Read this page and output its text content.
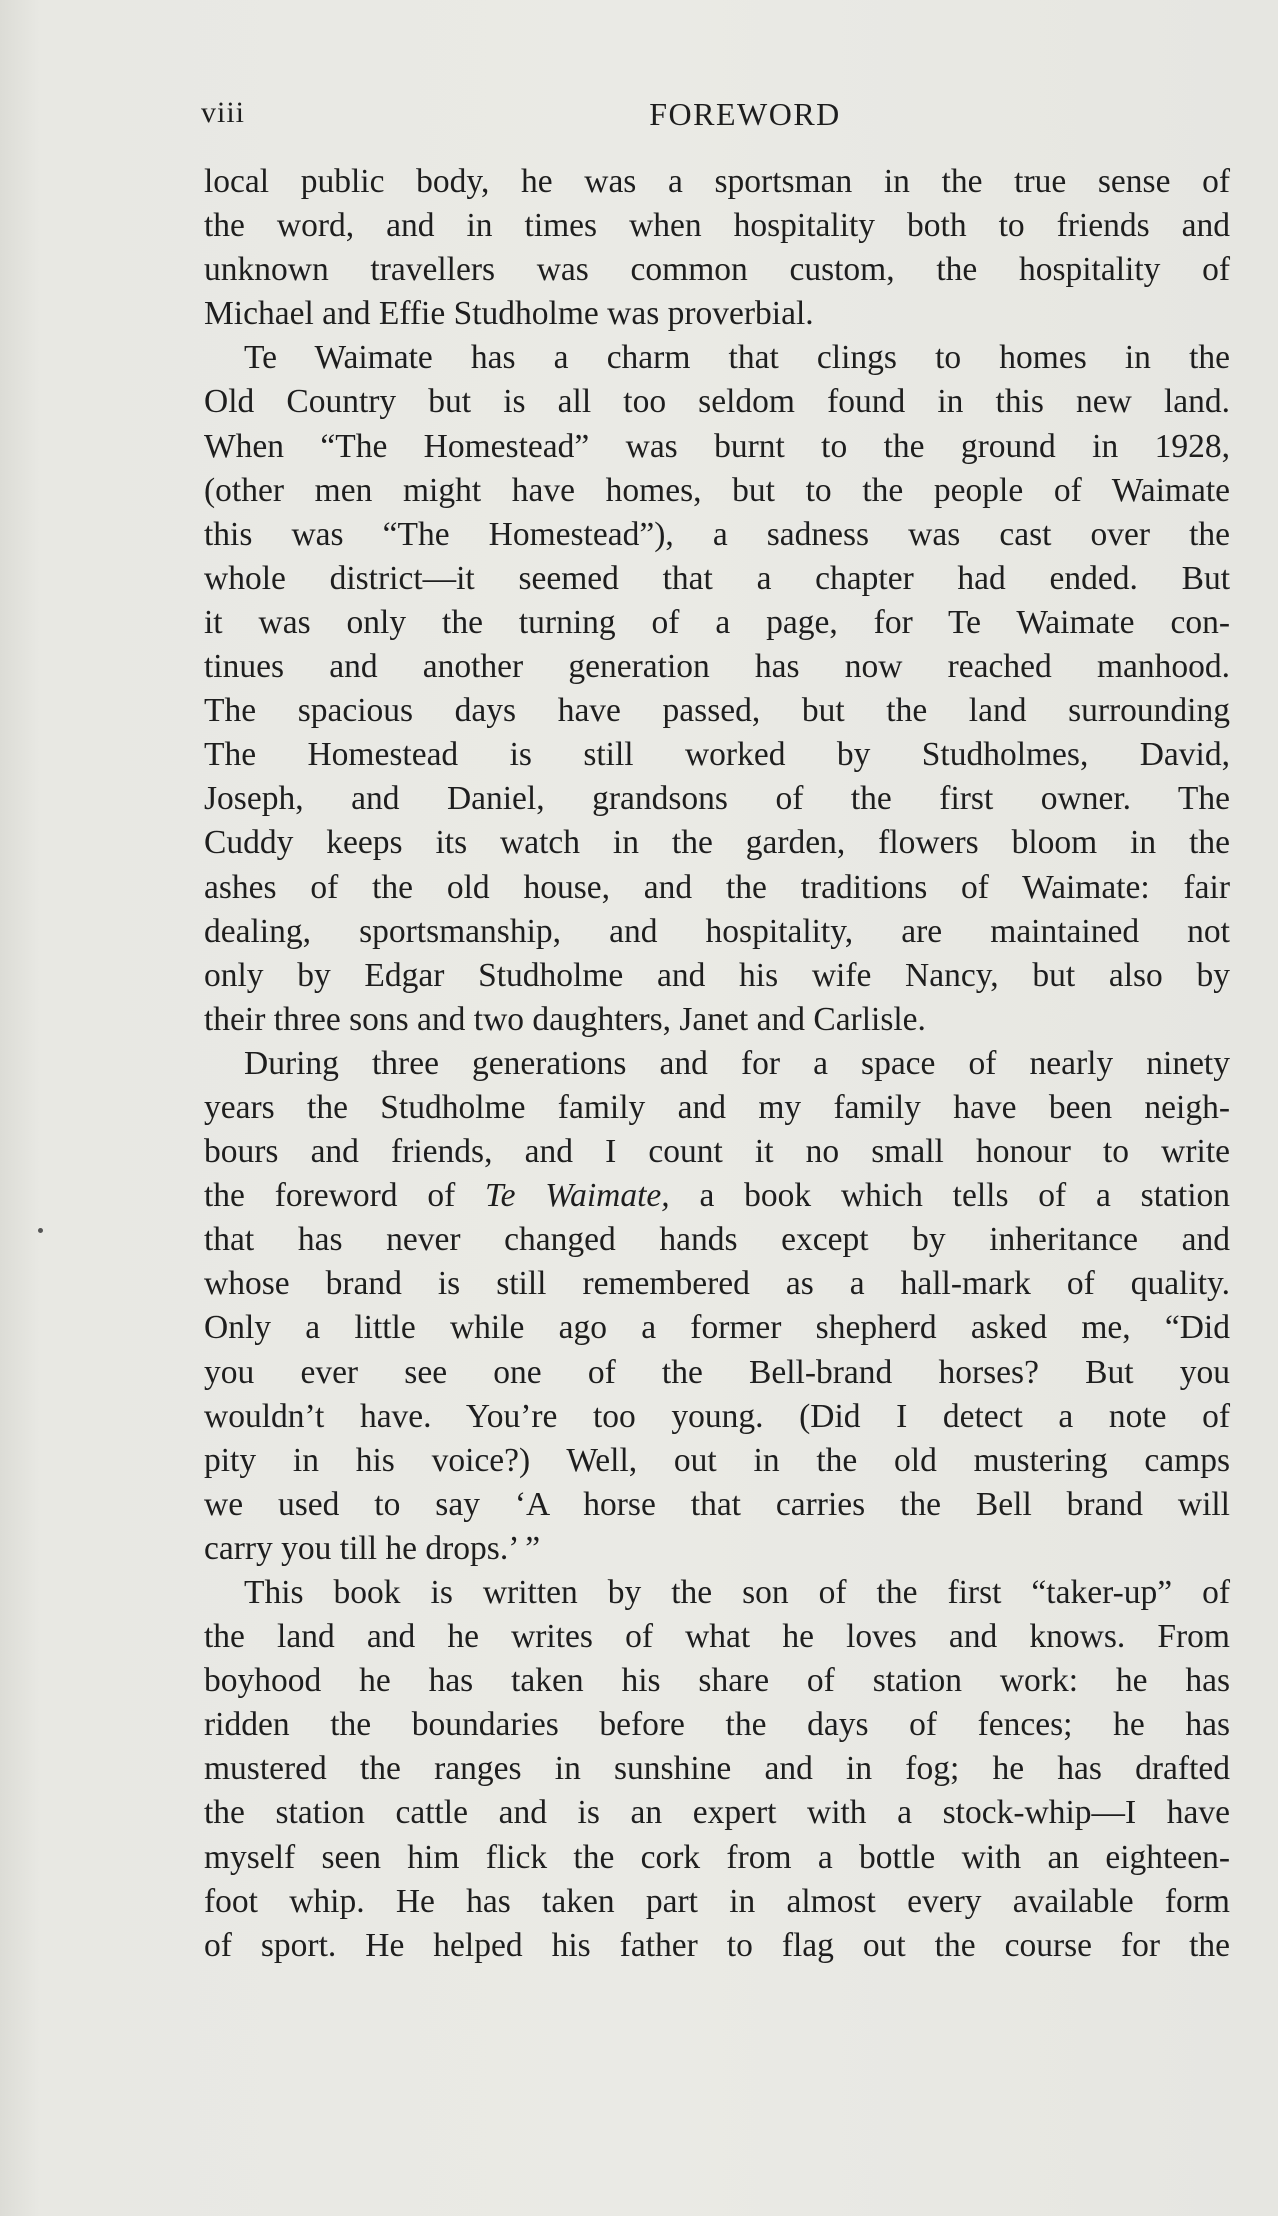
viii	FOREWORD
local public body, he was a sportsman in the true sense of
the word, and in times when hospitality both to friends and
unknown travellers was common custom, the hospitality of
Michael and Effie Studholme was proverbial.
Te Waimate has a charm that clings to homes in the
Old Country but is all too seldom found in this new land.
When “The Homestead” was burnt to the ground in 1928,
(other men might have homes, but to the people of Waimate
this was “The Homestead”), a sadness was cast over the
whole district—it seemed that a chapter had ended. But
it was only the turning of a page, for Te Waimate con-
tinues and another generation has now reached manhood.
The spacious days have passed, but the land surrounding
The Homestead is still worked by Studholmes, David,
Joseph, and Daniel, grandsons of the first owner. The
Cuddy keeps its watch in the garden, flowers bloom in the
ashes of the old house, and the traditions of Waimate: fair
dealing, sportsmanship, and hospitality, are maintained not
only by Edgar Studholme and his wife Nancy, but also by
their three sons and two daughters, Janet and Carlisle.
During three generations and for a space of nearly ninety
years the Studholme family and my family have been neigh-
bours and friends, and I count it no small honour to write
the foreword of Te Waimate, a book which tells of a station
that has never changed hands except by inheritance and
whose brand is still remembered as a hall-mark of quality.
Only a little while ago a former shepherd asked me, “Did
you ever see one of the Bell-brand horses? But you
wouldn’t have. You’re too young. (Did I detect a note of
pity in his voice?) Well, out in the old mustering camps
we used to say ‘A horse that carries the Bell brand will
carry you till he drops.’ ”
This book is written by the son of the first “taker-up” of
the land and he writes of what he loves and knows. From
boyhood he has taken his share of station work: he has
ridden the boundaries before the days of fences; he has
mustered the ranges in sunshine and in fog; he has drafted
the station cattle and is an expert with a stock-whip—I have
myself seen him flick the cork from a bottle with an eighteen-
foot whip. He has taken part in almost every available form
of sport. He helped his father to flag out the course for the
